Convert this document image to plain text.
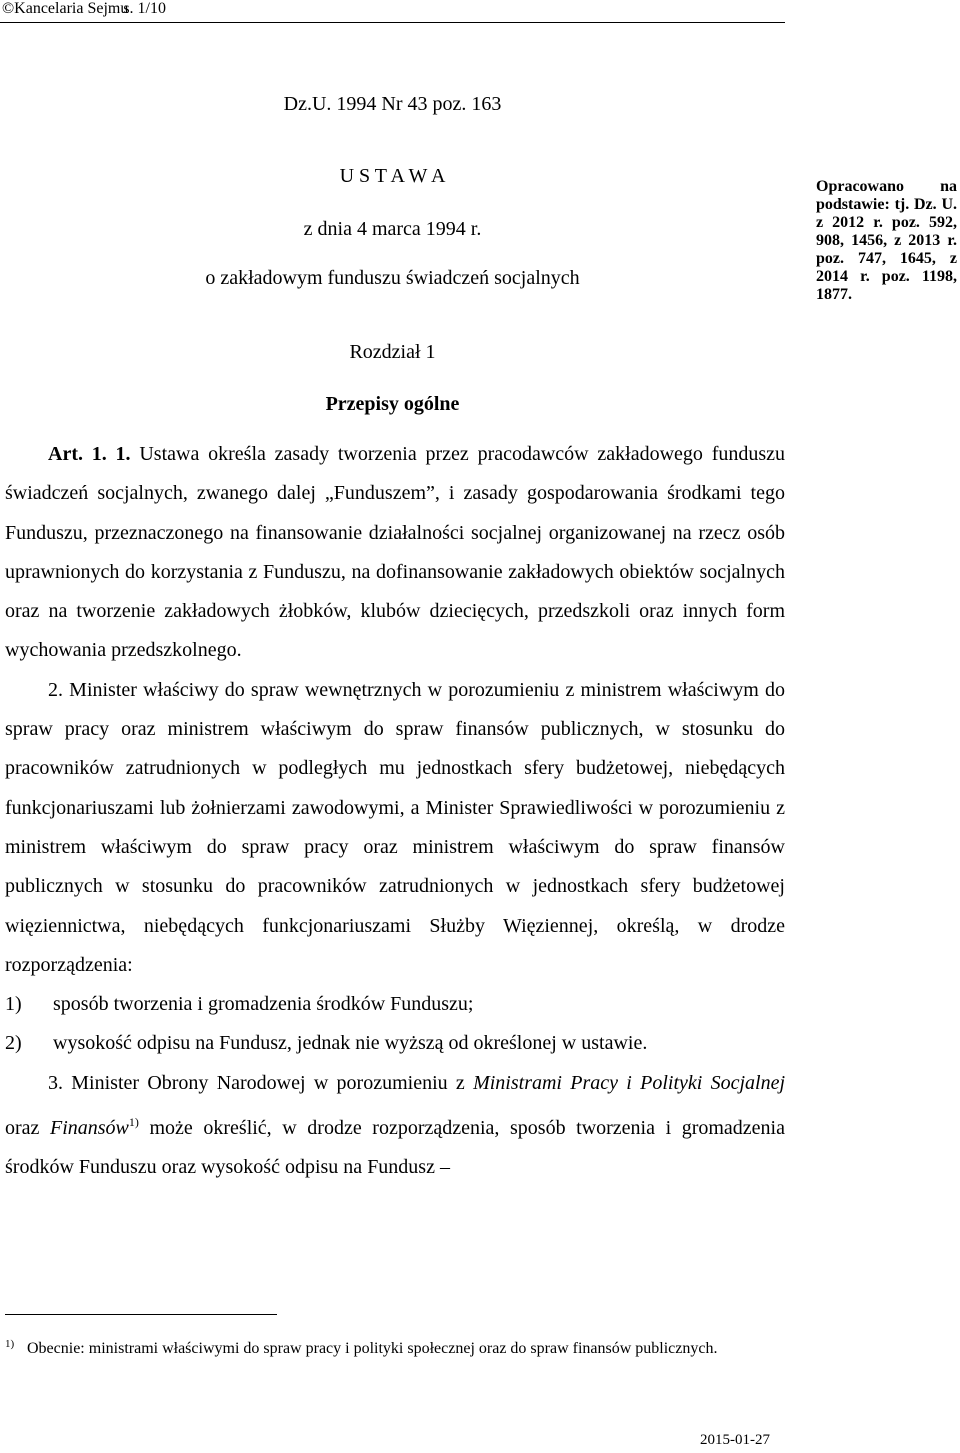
©Kancelaria Sejmu
s. 1/10
Dz.U. 1994 Nr 43 poz. 163
U S T A W A
z dnia 4 marca 1994 r.
o zakładowym funduszu świadczeń socjalnych
Rozdział 1
Przepisy ogólne
Opracowano na podstawie: tj. Dz. U. z 2012 r. poz. 592, 908, 1456, z 2013 r. poz. 747, 1645, z 2014 r. poz. 1198, 1877.

Art. 1. 1. Ustawa określa zasady tworzenia przez pracodawców zakładowego funduszu świadczeń socjalnych, zwanego dalej „Funduszem”, i zasady gospodarowania środkami tego Funduszu, przeznaczonego na finansowanie działalności socjalnej organizowanej na rzecz osób uprawnionych do korzystania z Funduszu, na dofinansowanie zakładowych obiektów socjalnych oraz na tworzenie zakładowych żłobków, klubów dziecięcych, przedszkoli oraz innych form wychowania przedszkolnego.

2. Minister właściwy do spraw wewnętrznych w porozumieniu z ministrem właściwym do spraw pracy oraz ministrem właściwym do spraw finansów publicznych, w stosunku do pracowników zatrudnionych w podległych mu jednostkach sfery budżetowej, niebędących funkcjonariuszami lub żołnierzami zawodowymi, a Minister Sprawiedliwości w porozumieniu z ministrem właściwym do spraw pracy oraz ministrem właściwym do spraw finansów publicznych w stosunku do pracowników zatrudnionych w jednostkach sfery budżetowej więziennictwa, niebędących funkcjonariuszami Służby Więziennej, określą, w drodze rozporządzenia:

1)	sposób tworzenia i gromadzenia środków Funduszu;
2)	wysokość odpisu na Fundusz, jednak nie wyższą od określonej w ustawie.

3. Minister Obrony Narodowej w porozumieniu z Ministrami Pracy i Polityki Socjalnej oraz Finansów$^{1)}$ może określić, w drodze rozporządzenia, sposób tworzenia i gromadzenia środków Funduszu oraz wysokość odpisu na Fundusz –

1) Obecnie: ministrami właściwymi do spraw pracy i polityki społecznej oraz do spraw finansów publicznych.
2015-01-27
